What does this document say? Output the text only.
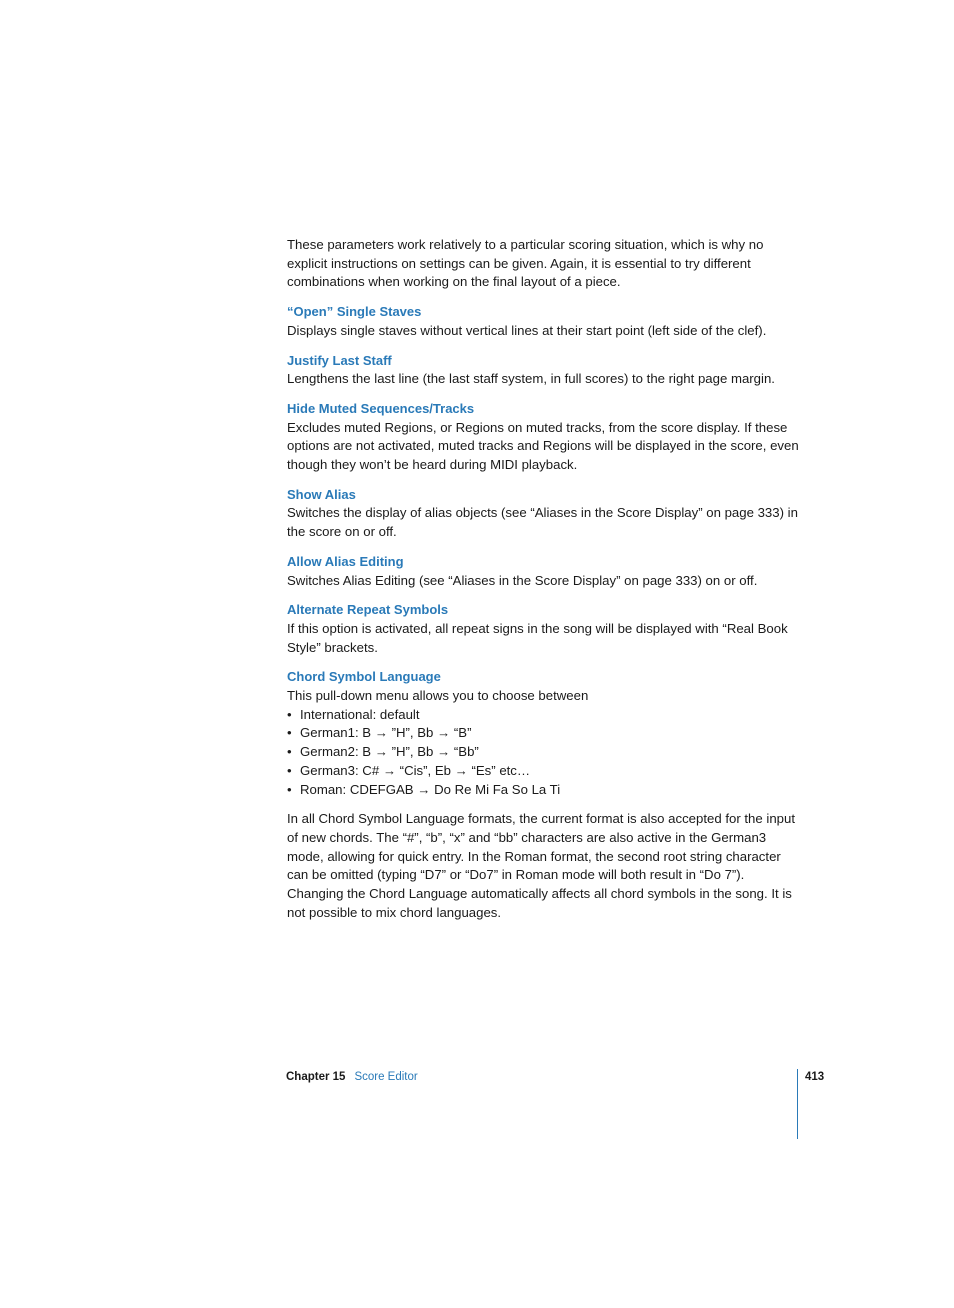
These parameters work relatively to a particular scoring situation, which is why no explicit instructions on settings can be given. Again, it is essential to try different combinations when working on the final layout of a piece.

“Open” Single Staves

Displays single staves without vertical lines at their start point (left side of the clef).

Justify Last Staff

Lengthens the last line (the last staff system, in full scores) to the right page margin.

Hide Muted Sequences/Tracks

Excludes muted Regions, or Regions on muted tracks, from the score display. If these options are not activated, muted tracks and Regions will be displayed in the score, even though they won’t be heard during MIDI playback.

Show Alias

Switches the display of alias objects (see “Aliases in the Score Display” on page 333) in the score on or off.

Allow Alias Editing

Switches Alias Editing (see “Aliases in the Score Display” on page 333) on or off.

Alternate Repeat Symbols

If this option is activated, all repeat signs in the song will be displayed with “Real Book Style” brackets.

Chord Symbol Language

This pull-down menu allows you to choose between

• International: default
• German1: B → ”H”, Bb → “B”
• German2: B → ”H”, Bb → “Bb”
• German3: C# → “Cis”, Eb → “Es” etc…
• Roman: CDEFGAB → Do Re Mi Fa So La Ti

In all Chord Symbol Language formats, the current format is also accepted for the input of new chords. The “#”, “b”, “x” and “bb” characters are also active in the German3 mode, allowing for quick entry. In the Roman format, the second root string character can be omitted (typing “D7” or “Do7” in Roman mode will both result in “Do 7”). Changing the Chord Language automatically affects all chord symbols in the song. It is not possible to mix chord languages.

Chapter 15 Score Editor	413
